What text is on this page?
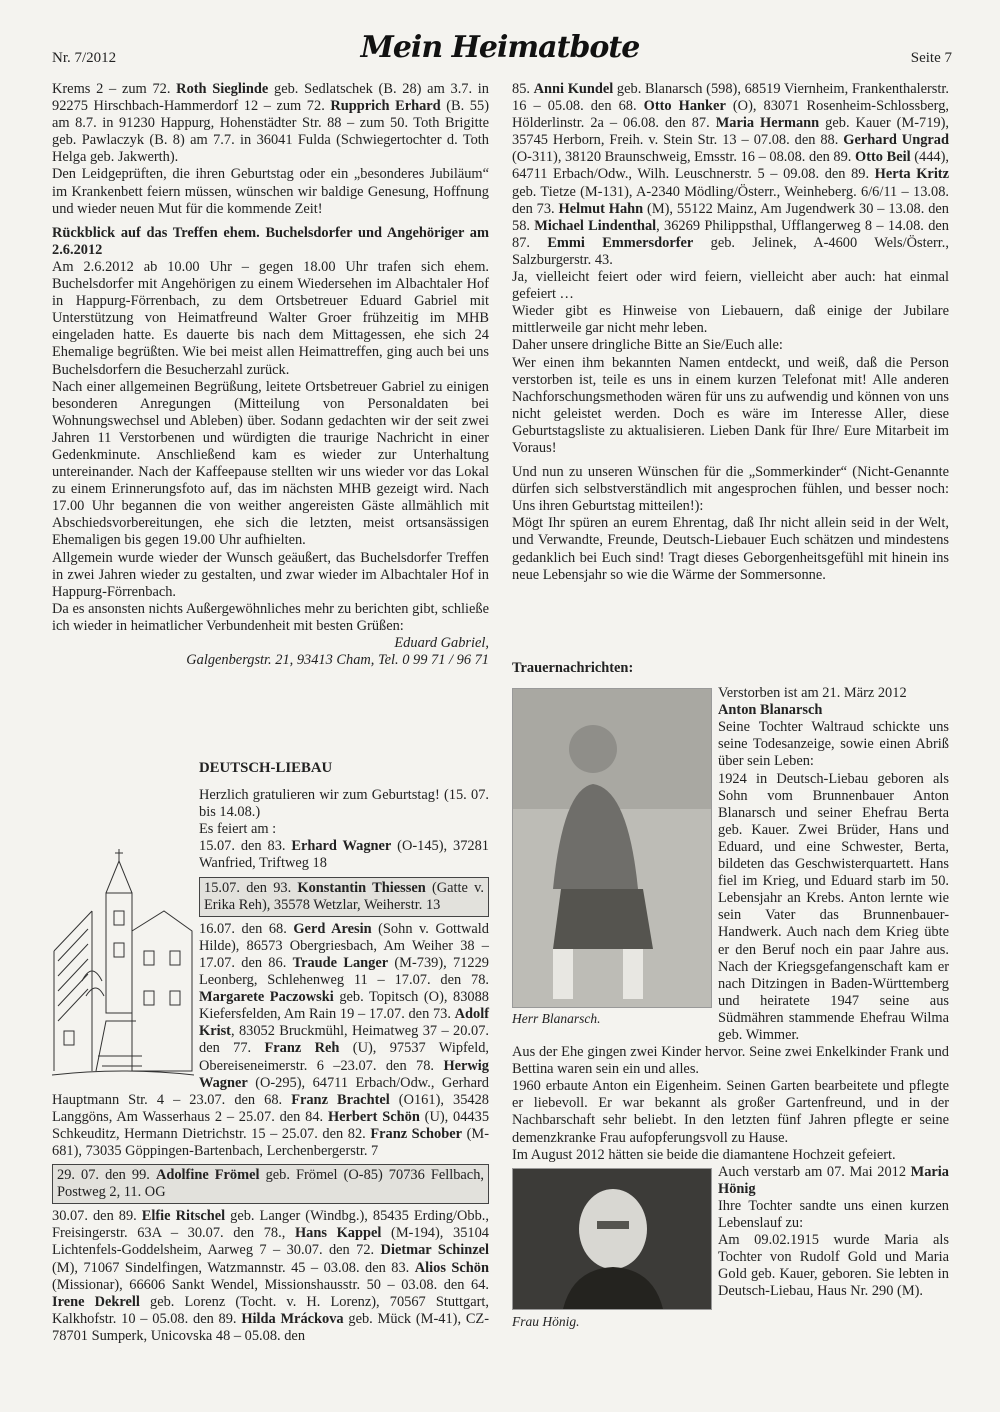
Nr. 7/2012	Mein Heimatbote	Seite 7

Krems 2 – zum 72. Roth Sieglinde geb. Sedlatschek (B. 28) am 3.7. in 92275 Hirschbach-Hammerdorf 12 – zum 72. Rupprich Erhard (B. 55) am 8.7. in 91230 Happurg, Hohenstädter Str. 88 – zum 50. Toth Brigitte geb. Pawlaczyk (B. 8) am 7.7. in 36041 Fulda (Schwiegertochter d. Toth Helga geb. Jakwerth).

Den Leidgeprüften, die ihren Geburtstag oder ein „besonderes Jubiläum“ im Krankenbett feiern müssen, wünschen wir baldige Genesung, Hoffnung und wieder neuen Mut für die kommende Zeit!

Rückblick auf das Treffen ehem. Buchelsdorfer und Angehöriger am 2.6.2012

Am 2.6.2012 ab 10.00 Uhr – gegen 18.00 Uhr trafen sich ehem. Buchelsdorfer mit Angehörigen zu einem Wiedersehen im Albachtaler Hof in Happurg-Förrenbach, zu dem Ortsbetreuer Eduard Gabriel mit Unterstützung von Heimatfreund Walter Groer frühzeitig im MHB eingeladen hatte. Es dauerte bis nach dem Mittagessen, ehe sich 24 Ehemalige begrüßten. Wie bei meist allen Heimattreffen, ging auch bei uns Buchelsdorfern die Besucherzahl zurück.

Nach einer allgemeinen Begrüßung, leitete Ortsbetreuer Gabriel zu einigen besonderen Anregungen (Mitteilung von Personaldaten bei Wohnungswechsel und Ableben) über. Sodann gedachten wir der seit zwei Jahren 11 Verstorbenen und würdigten die traurige Nachricht in einer Gedenkminute. Anschließend kam es wieder zur Unterhaltung untereinander. Nach der Kaffeepause stellten wir uns wieder vor das Lokal zu einem Erinnerungsfoto auf, das im nächsten MHB gezeigt wird. Nach 17.00 Uhr begannen die von weither angereisten Gäste allmählich mit Abschiedsvorbereitungen, ehe sich die letzten, meist ortsansässigen Ehemaligen bis gegen 19.00 Uhr aufhielten.

Allgemein wurde wieder der Wunsch geäußert, das Buchelsdorfer Treffen in zwei Jahren wieder zu gestalten, und zwar wieder im Albachtaler Hof in Happurg-Förrenbach.

Da es ansonsten nichts Außergewöhnliches mehr zu berichten gibt, schließe ich wieder in heimatlicher Verbundenheit mit besten Grüßen:

Eduard Gabriel,

Galgenbergstr. 21, 93413 Cham, Tel. 0 99 71 / 96 71

DEUTSCH-LIEBAU

Herzlich gratulieren wir zum Geburtstag! (15. 07. bis 14.08.)

Es feiert am :

15.07. den 83. Erhard Wagner (O-145), 37281 Wanfried, Triftweg 18

15.07. den 93. Konstantin Thiessen (Gatte v. Erika Reh), 35578 Wetzlar, Weiherstr. 13

16.07. den 68. Gerd Aresin (Sohn v. Gottwald Hilde), 86573 Obergriesbach, Am Weiher 38 – 17.07. den 86. Traude Langer (M-739), 71229 Leonberg, Schlehenweg 11 – 17.07. den 78. Margarete Paczowski geb. Topitsch (O), 83088 Kiefersfelden, Am Rain 19 – 17.07. den 73. Adolf Krist, 83052 Bruckmühl, Heimatweg 37 – 20.07. den 77. Franz Reh (U), 97537 Wipfeld, Obereiseneimerstr. 6 –23.07. den 78. Herwig Wagner (O-295), 64711 Erbach/Odw., Gerhard Hauptmann Str. 4 – 23.07. den 68. Franz Brachtel (O161), 35428 Langgöns, Am Wasserhaus 2 – 25.07. den 84. Herbert Schön (U), 04435 Schkeuditz, Hermann Dietrichstr. 15 – 25.07. den 82. Franz Schober (M-681), 73035 Göppingen-Bartenbach, Lerchenbergerstr. 7

29. 07. den 99. Adolfine Frömel geb. Frömel (O-85) 70736 Fellbach, Postweg 2, 11. OG

30.07. den 89. Elfie Ritschel geb. Langer (Windbg.), 85435 Erding/Obb., Freisingerstr. 63A – 30.07. den 78., Hans Kappel (M-194), 35104 Lichtenfels-Goddelsheim, Aarweg 7 – 30.07. den 72. Dietmar Schinzel (M), 71067 Sindelfingen, Watzmannstr. 45 – 03.08. den 83. Alios Schön (Missionar), 66606 Sankt Wendel, Missionshausstr. 50 – 03.08. den 64. Irene Dekrell geb. Lorenz (Tocht. v. H. Lorenz), 70567 Stuttgart, Kalkhofstr. 10 – 05.08. den 89. Hilda Mráckova geb. Mück (M-41), CZ-78701 Sumperk, Unicovska 48 – 05.08. den

85. Anni Kundel geb. Blanarsch (598), 68519 Viernheim, Frankenthalerstr. 16 – 05.08. den 68. Otto Hanker (O), 83071 Rosenheim-Schlossberg, Hölderlinstr. 2a – 06.08. den 87. Maria Hermann geb. Kauer (M-719), 35745 Herborn, Freih. v. Stein Str. 13 – 07.08. den 88. Gerhard Ungrad (O-311), 38120 Braunschweig, Emsstr. 16 – 08.08. den 89. Otto Beil (444), 64711 Erbach/Odw., Wilh. Leuschnerstr. 5 – 09.08. den 89. Herta Kritz geb. Tietze (M-131), A-2340 Mödling/Österr., Weinheberg. 6/6/11 – 13.08. den 73. Helmut Hahn (M), 55122 Mainz, Am Jugendwerk 30 – 13.08. den 58. Michael Lindenthal, 36269 Philippsthal, Ufflangerweg 8 – 14.08. den 87. Emmi Emmersdorfer geb. Jelinek, A-4600 Wels/Österr., Salzburgerstr. 43.

Ja, vielleicht feiert oder wird feiern, vielleicht aber auch: hat einmal gefeiert …

Wieder gibt es Hinweise von Liebauern, daß einige der Jubilare mittlerweile gar nicht mehr leben.

Daher unsere dringliche Bitte an Sie/Euch alle:

Wer einen ihm bekannten Namen entdeckt, und weiß, daß die Person verstorben ist, teile es uns in einem kurzen Telefonat mit! Alle anderen Nachforschungsmethoden wären für uns zu aufwendig und können von uns nicht geleistet werden. Doch es wäre im Interesse Aller, diese Geburtstagsliste zu aktualisieren. Lieben Dank für Ihre/ Eure Mitarbeit im Voraus!

Und nun zu unseren Wünschen für die „Sommerkinder“ (Nicht-Genannte dürfen sich selbstverständlich mit angesprochen fühlen, und besser noch: Uns ihren Geburtstag mitteilen!):

Mögt Ihr spüren an eurem Ehrentag, daß Ihr nicht allein seid in der Welt, und Verwandte, Freunde, Deutsch-Liebauer Euch schätzen und mindestens gedanklich bei Euch sind! Tragt dieses Geborgenheitsgefühl mit hinein ins neue Lebensjahr so wie die Wärme der Sommersonne.

Trauernachrichten:
Herr Blanarsch.

Verstorben ist am 21. März 2012

Anton Blanarsch

Seine Tochter Waltraud schickte uns seine Todesanzeige, sowie einen Abriß über sein Leben:

1924 in Deutsch-Liebau geboren als Sohn vom Brunnenbauer Anton Blanarsch und seiner Ehefrau Berta geb. Kauer. Zwei Brüder, Hans und Eduard, und eine Schwester, Berta, bildeten das Geschwisterquartett. Hans fiel im Krieg, und Eduard starb im 50. Lebensjahr an Krebs. Anton lernte wie sein Vater das Brunnenbauer-Handwerk. Auch nach dem Krieg übte er den Beruf noch ein paar Jahre aus. Nach der Kriegsgefangenschaft kam er nach Ditzingen in Baden-Württemberg und heiratete 1947 seine aus Südmähren stammende Ehefrau Wilma geb. Wimmer.

Aus der Ehe gingen zwei Kinder hervor. Seine zwei Enkelkinder Frank und Bettina waren sein ein und alles.

1960 erbaute Anton ein Eigenheim. Seinen Garten bearbeitete und pflegte er liebevoll. Er war bekannt als großer Gartenfreund, und in der Nachbarschaft sehr beliebt. In den letzten fünf Jahren pflegte er seine demenzkranke Frau aufopferungsvoll zu Hause.

Im August 2012 hätten sie beide die diamantene Hochzeit gefeiert.

Frau Hönig.

Auch verstarb am 07. Mai 2012 Maria Hönig

Ihre Tochter sandte uns einen kurzen Lebenslauf zu:

Am 09.02.1915 wurde Maria als Tochter von Rudolf Gold und Maria Gold geb. Kauer, geboren. Sie lebten in Deutsch-Liebau, Haus Nr. 290 (M).
